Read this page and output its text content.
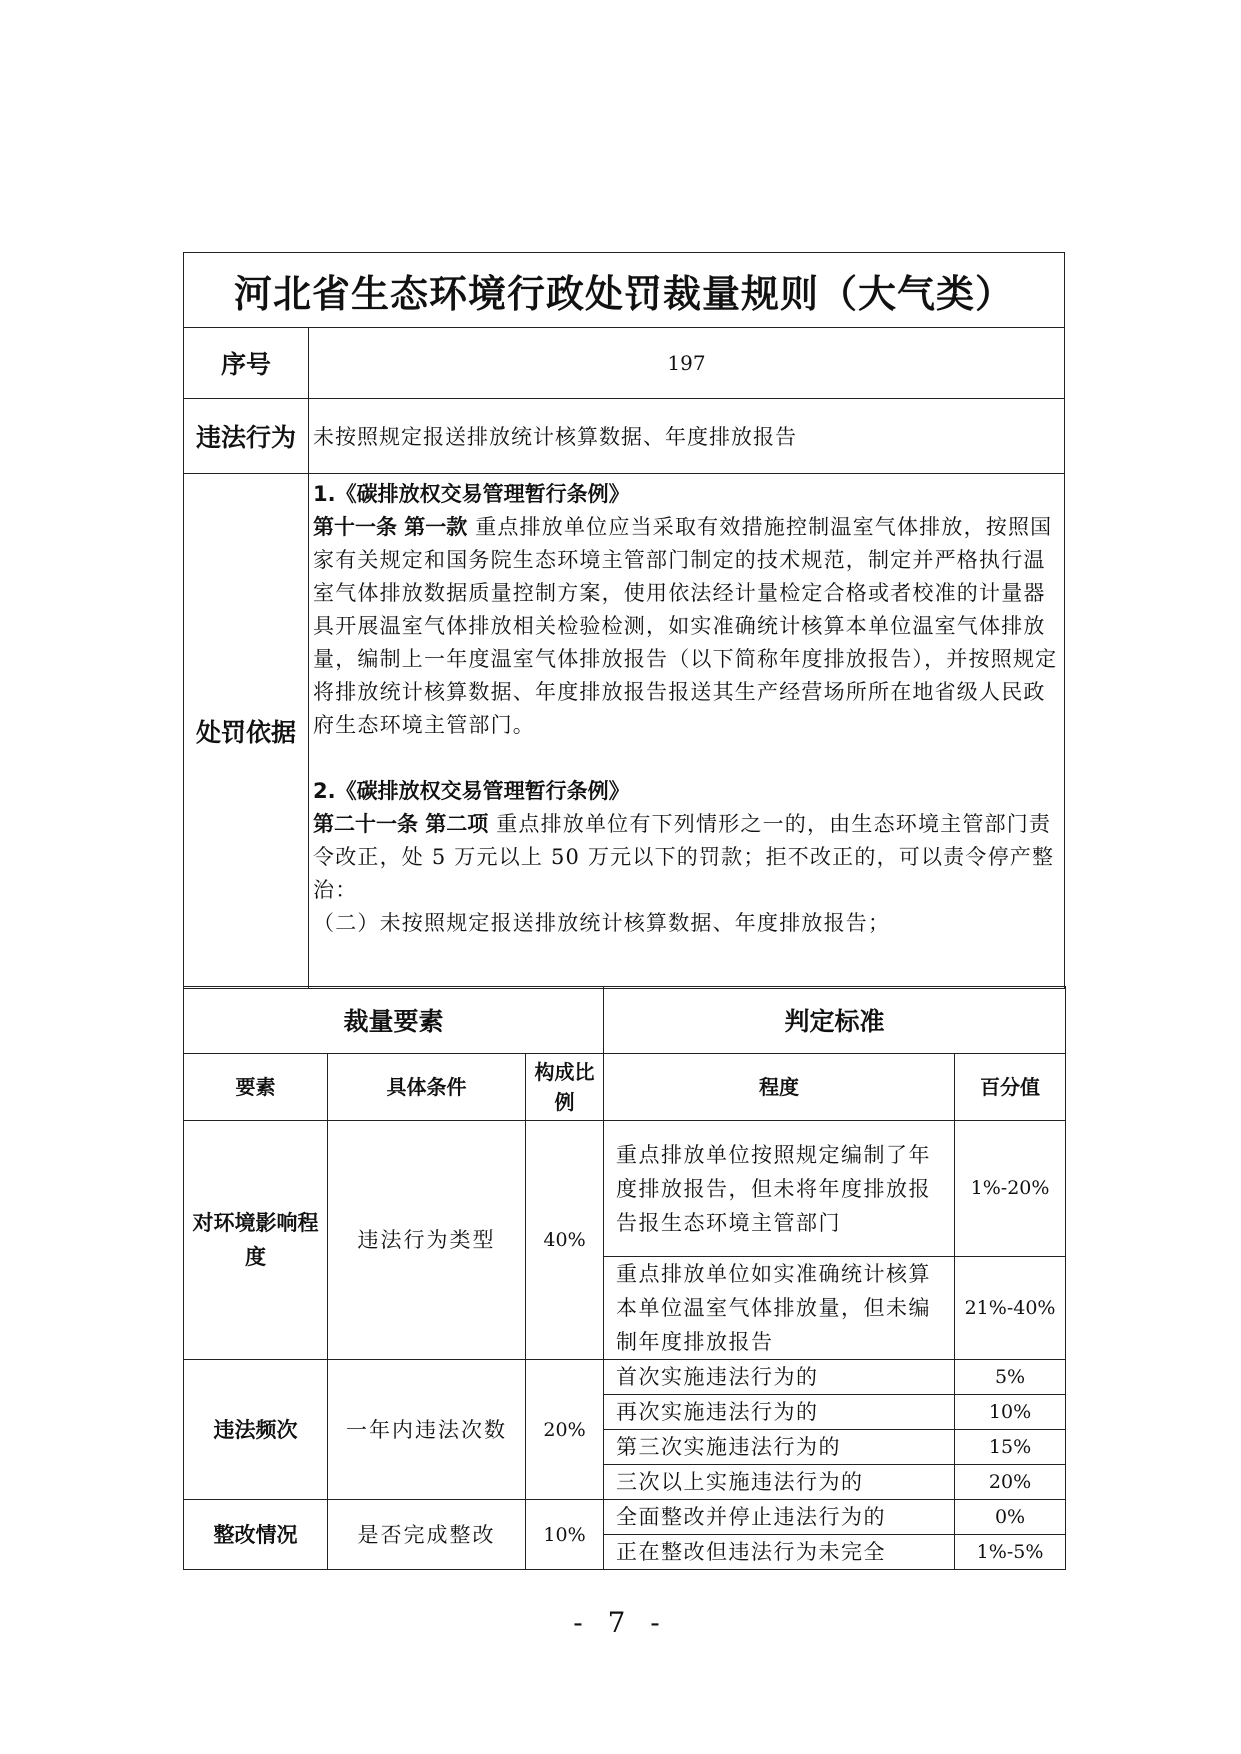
河北省生态环境行政处罚裁量规则（大气类）	
序号	197
违法行为	未按照规定报送排放统计核算数据、年度排放报告
处罚依据	1.《碳排放权交易管理暂行条例》

第十一条 第一款 重点排放单位应当采取有效措施控制温室气体排放，按照国家有关规定和国务院生态环境主管部门制定的技术规范，制定并严格执行温室气体排放数据质量控制方案，使用依法经计量检定合格或者校准的计量器具开展温室气体排放相关检验检测，如实准确统计核算本单位温室气体排放量，编制上一年度温室气体排放报告（以下简称年度排放报告），并按照规定将排放统计核算数据、年度排放报告报送其生产经营场所所在地省级人民政府生态环境主管部门。

2.《碳排放权交易管理暂行条例》

第二十一条 第二项 重点排放单位有下列情形之一的，由生态环境主管部门责令改正，处 5 万元以上 50 万元以下的罚款；拒不改正的，可以责令停产整治：

（二）未按照规定报送排放统计核算数据、年度排放报告；

裁量要素			判定标准	
要素	具体条件	构成比例	程度	百分值
对环境影响程度	违法行为类型	40%	重点排放单位按照规定编制了年度排放报告，但未将年度排放报告报生态环境主管部门	1%-20%
			重点排放单位如实准确统计核算本单位温室气体排放量，但未编制年度排放报告	21%-40%
违法频次	一年内违法次数	20%	首次实施违法行为的	5%
			再次实施违法行为的	10%
			第三次实施违法行为的	15%
			三次以上实施违法行为的	20%
整改情况	是否完成整改	10%	全面整改并停止违法行为的	0%
			正在整改但违法行为未完全	1%-5%
- 7 -
